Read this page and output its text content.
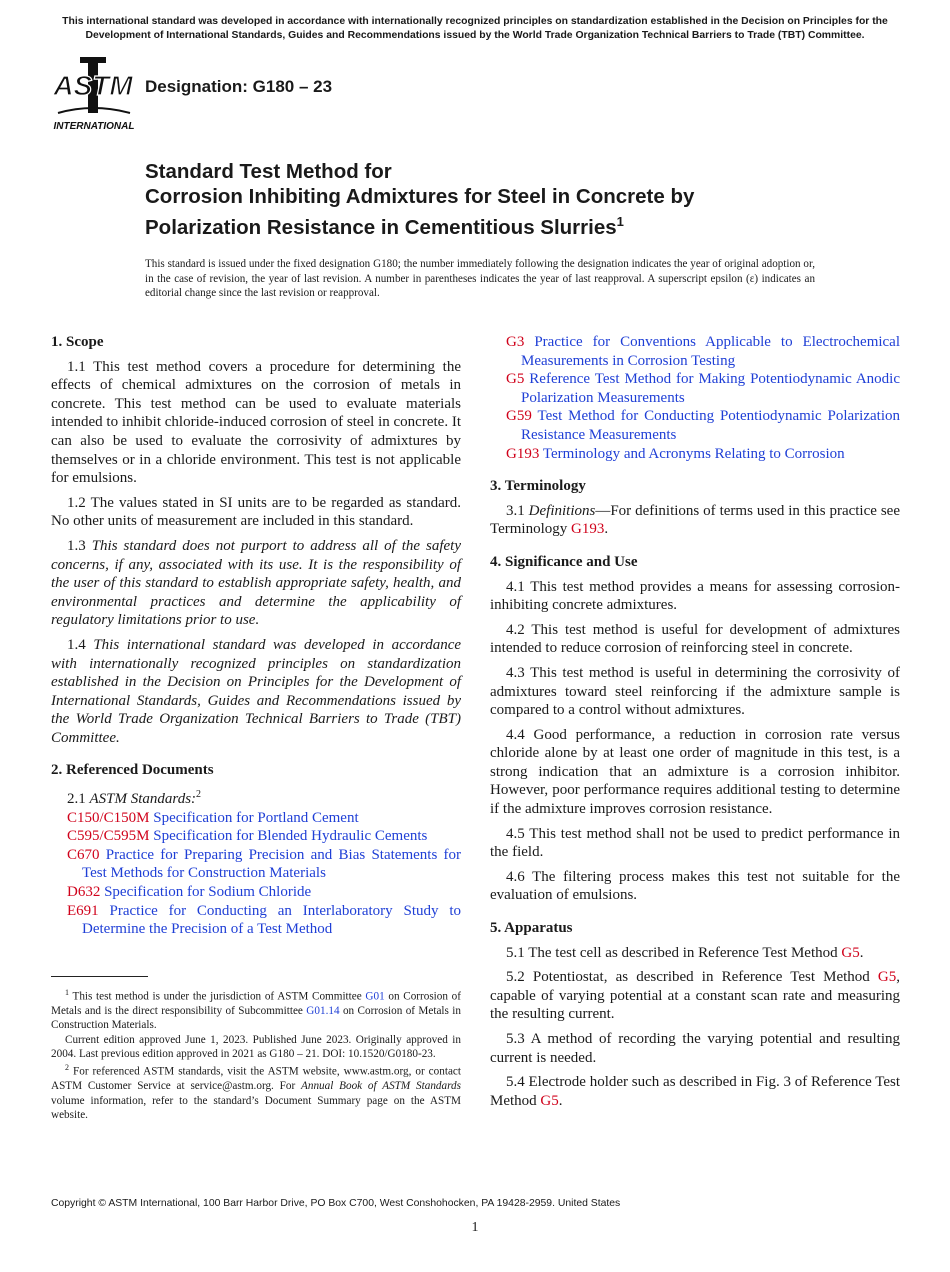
This international standard was developed in accordance with internationally recognized principles on standardization established in the Decision on Principles for the Development of International Standards, Guides and Recommendations issued by the World Trade Organization Technical Barriers to Trade (TBT) Committee.
ASTM
INTERNATIONAL
Designation: G180 – 23
Standard Test Method for
Corrosion Inhibiting Admixtures for Steel in Concrete by
Polarization Resistance in Cementitious Slurries$^1$
This standard is issued under the fixed designation G180; the number immediately following the designation indicates the year of original adoption or, in the case of revision, the year of last revision. A number in parentheses indicates the year of last reapproval. A superscript epsilon (ε) indicates an editorial change since the last revision or reapproval.
1. Scope

1.1 This test method covers a procedure for determining the effects of chemical admixtures on the corrosion of metals in concrete. This test method can be used to evaluate materials intended to inhibit chloride-induced corrosion of steel in concrete. It can also be used to evaluate the corrosivity of admixtures by themselves or in a chloride environment. This test is not applicable for emulsions.

1.2 The values stated in SI units are to be regarded as standard. No other units of measurement are included in this standard.

1.3 This standard does not purport to address all of the safety concerns, if any, associated with its use. It is the responsibility of the user of this standard to establish appropriate safety, health, and environmental practices and determine the applicability of regulatory limitations prior to use.

1.4 This international standard was developed in accordance with internationally recognized principles on standardization established in the Decision on Principles for the Development of International Standards, Guides and Recommendations issued by the World Trade Organization Technical Barriers to Trade (TBT) Committee.

2. Referenced Documents

2.1 ASTM Standards:$^2$

C150/C150M Specification for Portland Cement

C595/C595M Specification for Blended Hydraulic Cements

C670 Practice for Preparing Precision and Bias Statements for Test Methods for Construction Materials

D632 Specification for Sodium Chloride

E691 Practice for Conducting an Interlaboratory Study to Determine the Precision of a Test Method

G3 Practice for Conventions Applicable to Electrochemical Measurements in Corrosion Testing

G5 Reference Test Method for Making Potentiodynamic Anodic Polarization Measurements

G59 Test Method for Conducting Potentiodynamic Polarization Resistance Measurements

G193 Terminology and Acronyms Relating to Corrosion

3. Terminology

3.1 Definitions—For definitions of terms used in this practice see Terminology G193.

4. Significance and Use

4.1 This test method provides a means for assessing corrosion-inhibiting concrete admixtures.

4.2 This test method is useful for development of admixtures intended to reduce corrosion of reinforcing steel in concrete.

4.3 This test method is useful in determining the corrosivity of admixtures toward steel reinforcing if the admixture sample is compared to a control without admixtures.

4.4 Good performance, a reduction in corrosion rate versus chloride alone by at least one order of magnitude in this test, is a strong indication that an admixture is a corrosion inhibitor. However, poor performance requires additional testing to determine if the admixture improves corrosion resistance.

4.5 This test method shall not be used to predict performance in the field.

4.6 The filtering process makes this test not suitable for the evaluation of emulsions.

5. Apparatus

5.1 The test cell as described in Reference Test Method G5.

5.2 Potentiostat, as described in Reference Test Method G5, capable of varying potential at a constant scan rate and measuring the resulting current.

5.3 A method of recording the varying potential and resulting current is needed.

5.4 Electrode holder such as described in Fig. 3 of Reference Test Method G5.

$^1$ This test method is under the jurisdiction of ASTM Committee G01 on Corrosion of Metals and is the direct responsibility of Subcommittee G01.14 on Corrosion of Metals in Construction Materials.

Current edition approved June 1, 2023. Published June 2023. Originally approved in 2004. Last previous edition approved in 2021 as G180 – 21. DOI: 10.1520/G0180-23.

$^2$ For referenced ASTM standards, visit the ASTM website, www.astm.org, or contact ASTM Customer Service at service@astm.org. For Annual Book of ASTM Standards volume information, refer to the standard’s Document Summary page on the ASTM website.

Copyright © ASTM International, 100 Barr Harbor Drive, PO Box C700, West Conshohocken, PA 19428-2959. United States
1
